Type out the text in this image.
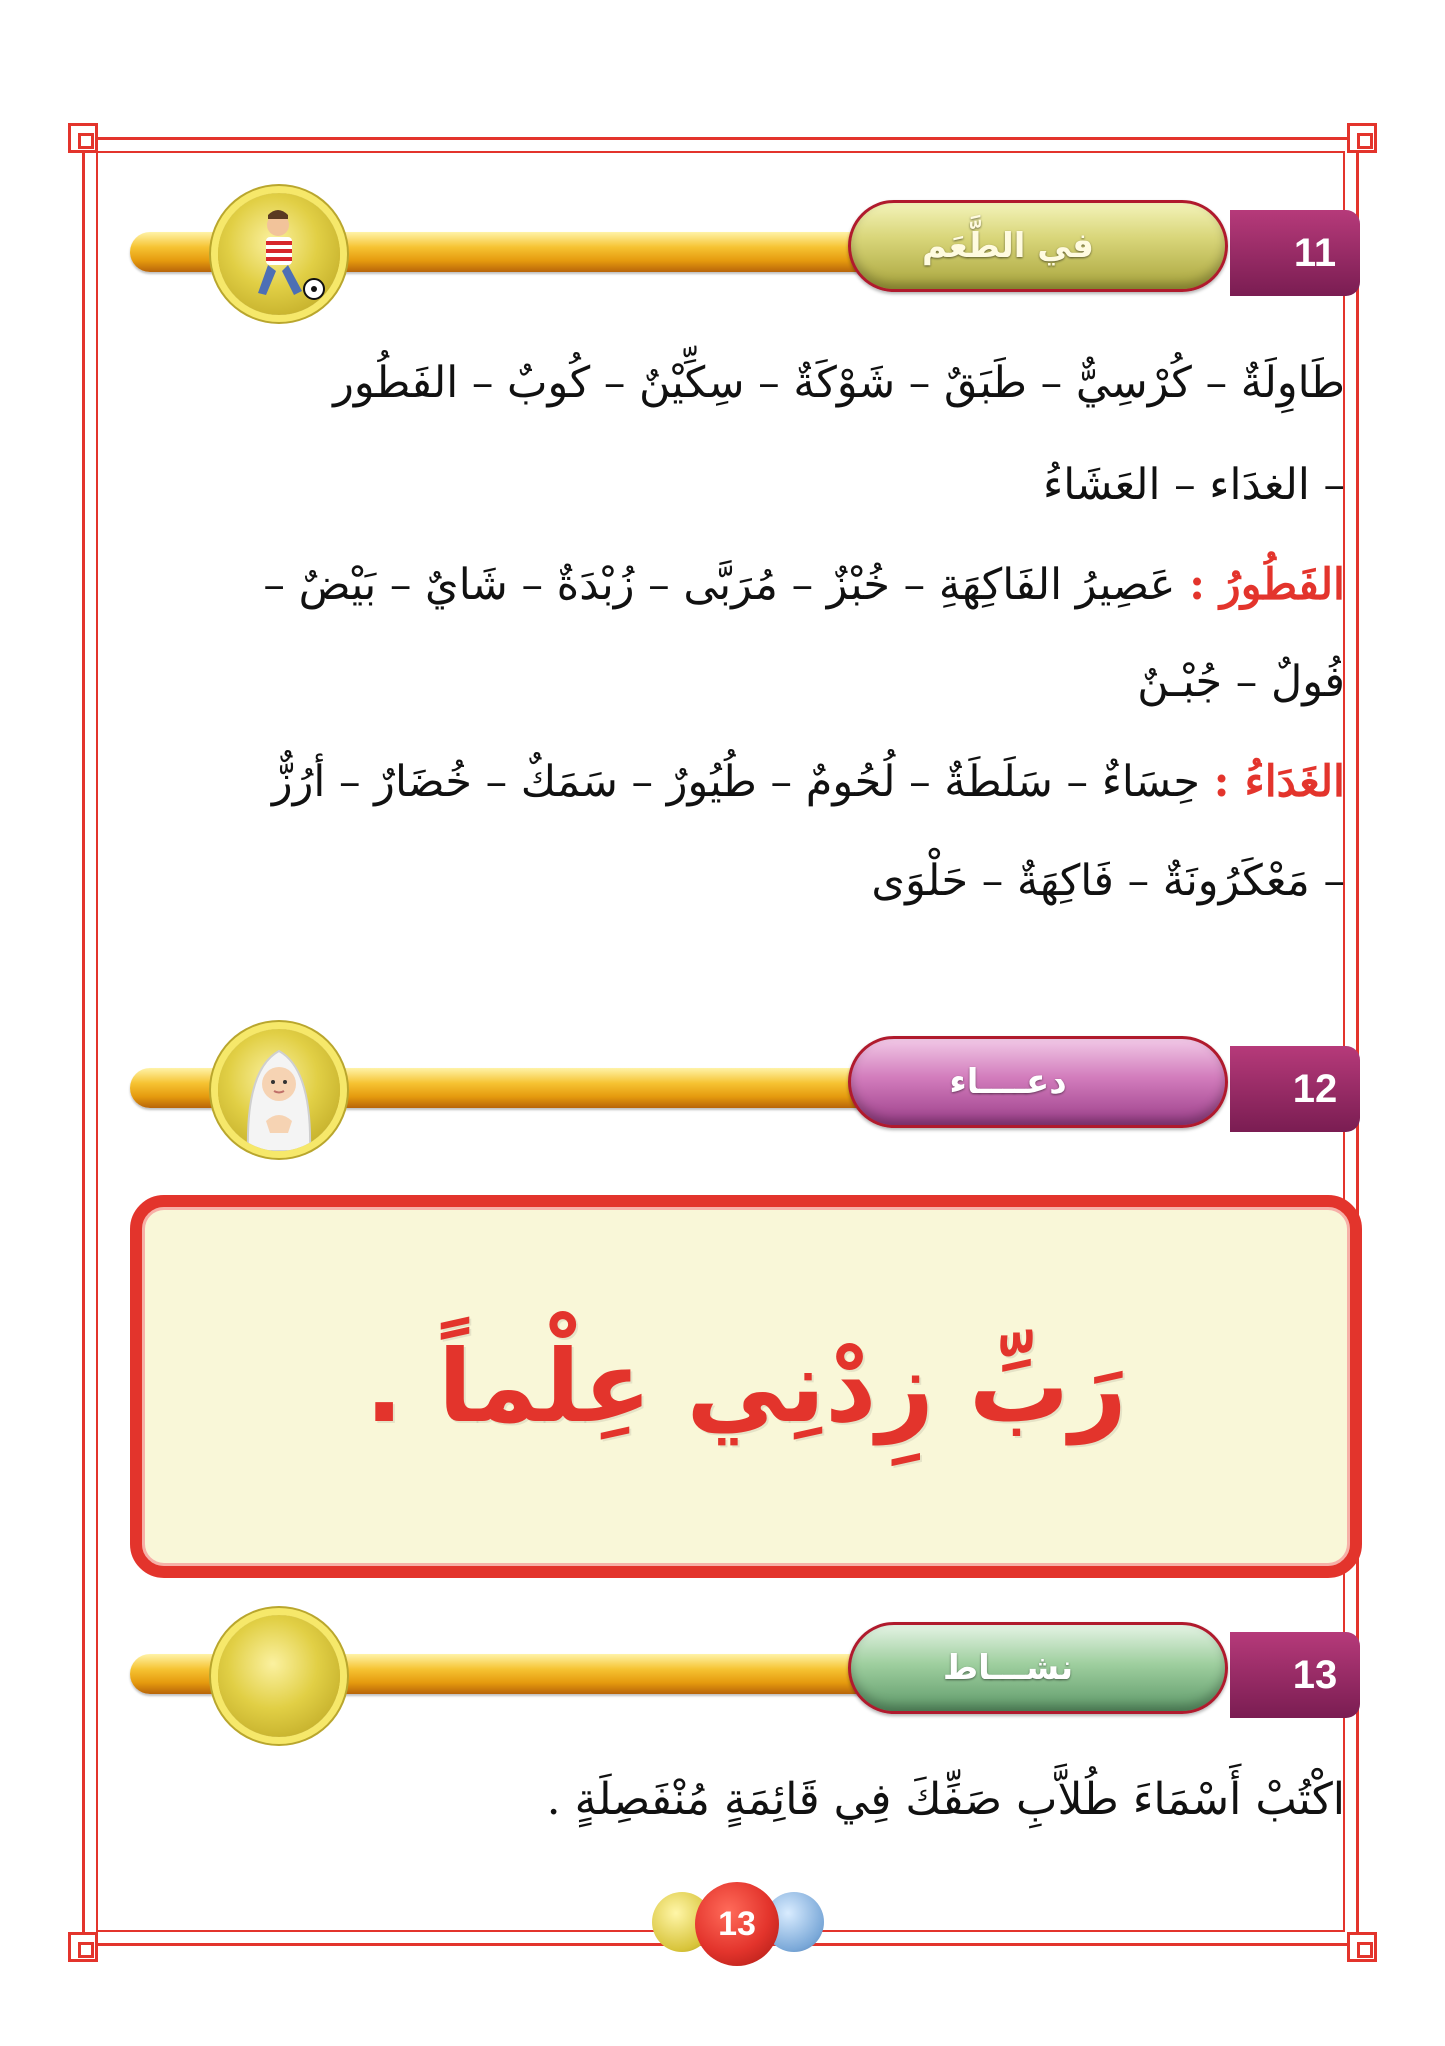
11
في الطَّعَم
طَاوِلَةٌ – كُرْسِيٌّ – طَبَقٌ – شَوْكَةٌ – سِكِّيْنٌ – كُوبٌ – الفَطُور
– الغدَاء – العَشَاءُ
الفَطُورُ : عَصِيرُ الفَاكِهَةِ – خُبْزٌ – مُرَبَّى – زُبْدَةٌ – شَايٌ – بَيْضٌ –
فُولٌ – جُبْـنٌ
الغَدَاءُ : حِسَاءٌ – سَلَطَةٌ – لُحُومٌ – طُيُورٌ – سَمَكٌ – خُضَارٌ – أرُزٌّ
– مَعْكَرُونَةٌ – فَاكِهَةٌ – حَلْوَى
12
دعــــاء
رَبِّ زِدْنِي عِلْماً .
13
نشـــاط
اكْتُبْ أَسْمَاءَ طُلاَّبِ صَفِّكَ فِي قَائِمَةٍ مُنْفَصِلَةٍ .
13
